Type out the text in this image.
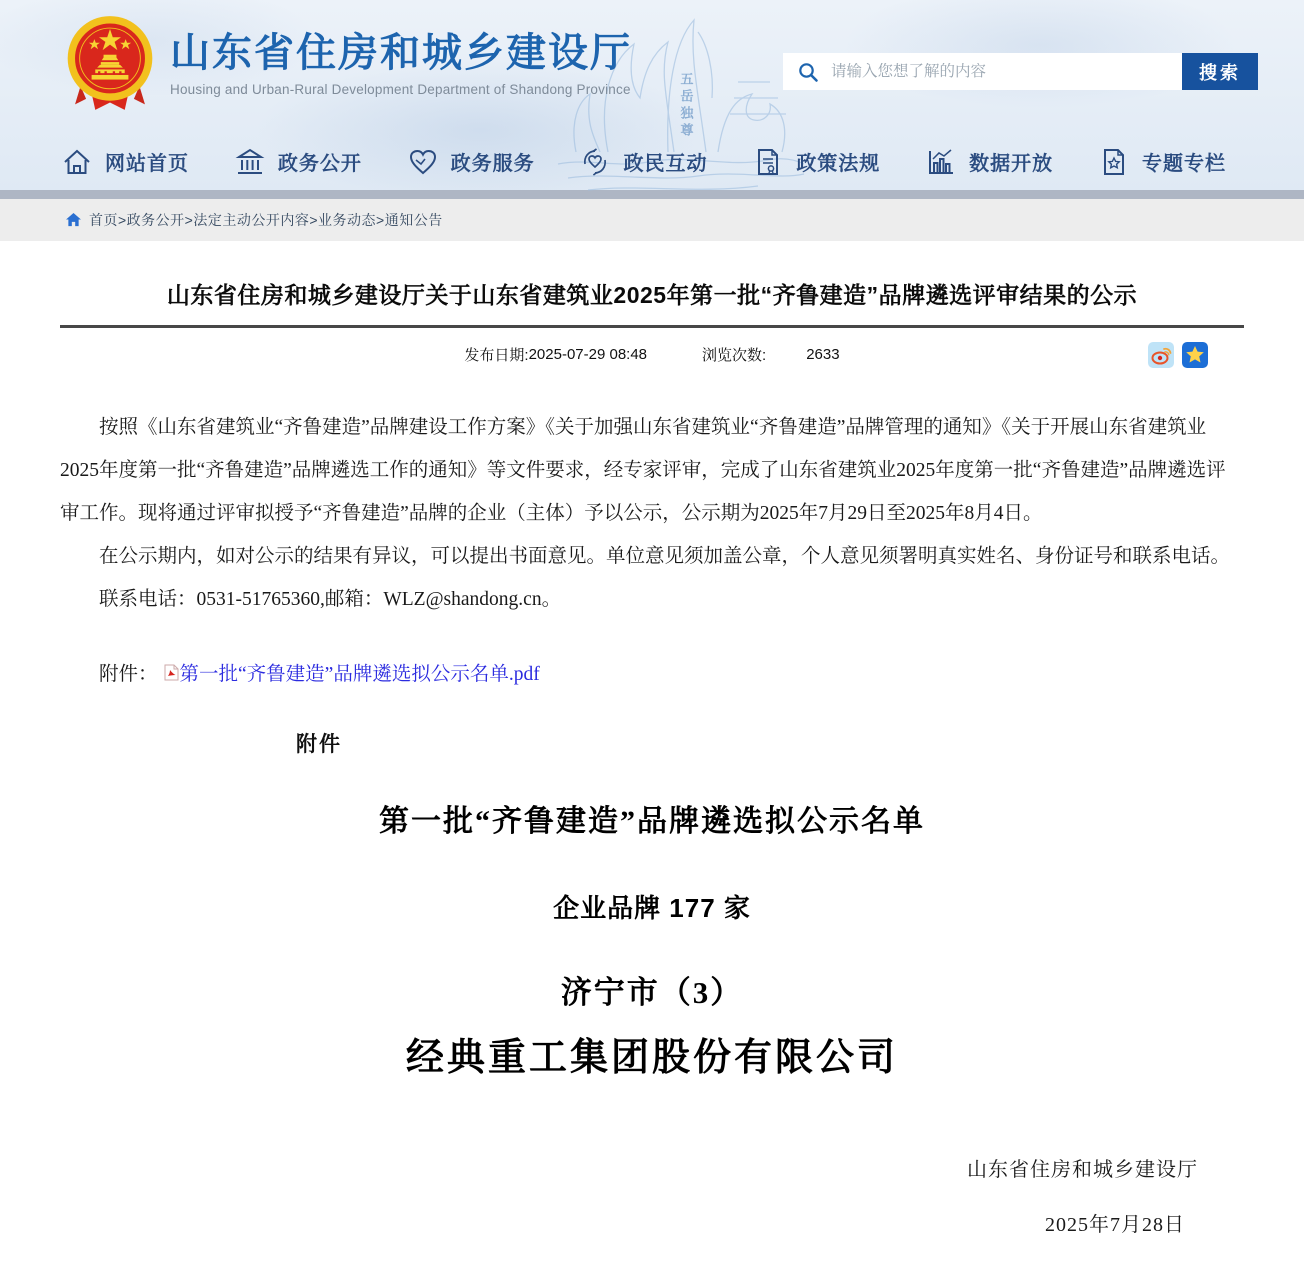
五岳独尊
山东省住房和城乡建设厅
Housing and Urban-Rural Development Department of Shandong Province
请输入您想了解的内容
搜索
网站首页	政务公开	政务服务	政民互动	政策法规	数据开放	专题专栏
首页>政务公开>法定主动公开内容>业务动态>通知公告
山东省住房和城乡建设厅关于山东省建筑业2025年第一批“齐鲁建造”品牌遴选评审结果的公示
发布日期: 2025-07-29 08:48	浏览次数:	2633

按照《山东省建筑业“齐鲁建造”品牌建设工作方案》《关于加强山东省建筑业“齐鲁建造”品牌管理的通知》《关于开展山东省建筑业2025年度第一批“齐鲁建造”品牌遴选工作的通知》等文件要求，经专家评审，完成了山东省建筑业2025年度第一批“齐鲁建造”品牌遴选评审工作。现将通过评审拟授予“齐鲁建造”品牌的企业（主体）予以公示，公示期为2025年7月29日至2025年8月4日。

在公示期内，如对公示的结果有异议，可以提出书面意见。单位意见须加盖公章，个人意见须署明真实姓名、身份证号和联系电话。

联系电话：0531-51765360,邮箱：WLZ@shandong.cn。

附件： 第一批“齐鲁建造”品牌遴选拟公示名单.pdf
附件
第一批“齐鲁建造”品牌遴选拟公示名单
企业品牌 177 家
济宁市（3）
经典重工集团股份有限公司
山东省住房和城乡建设厅
2025年7月28日
